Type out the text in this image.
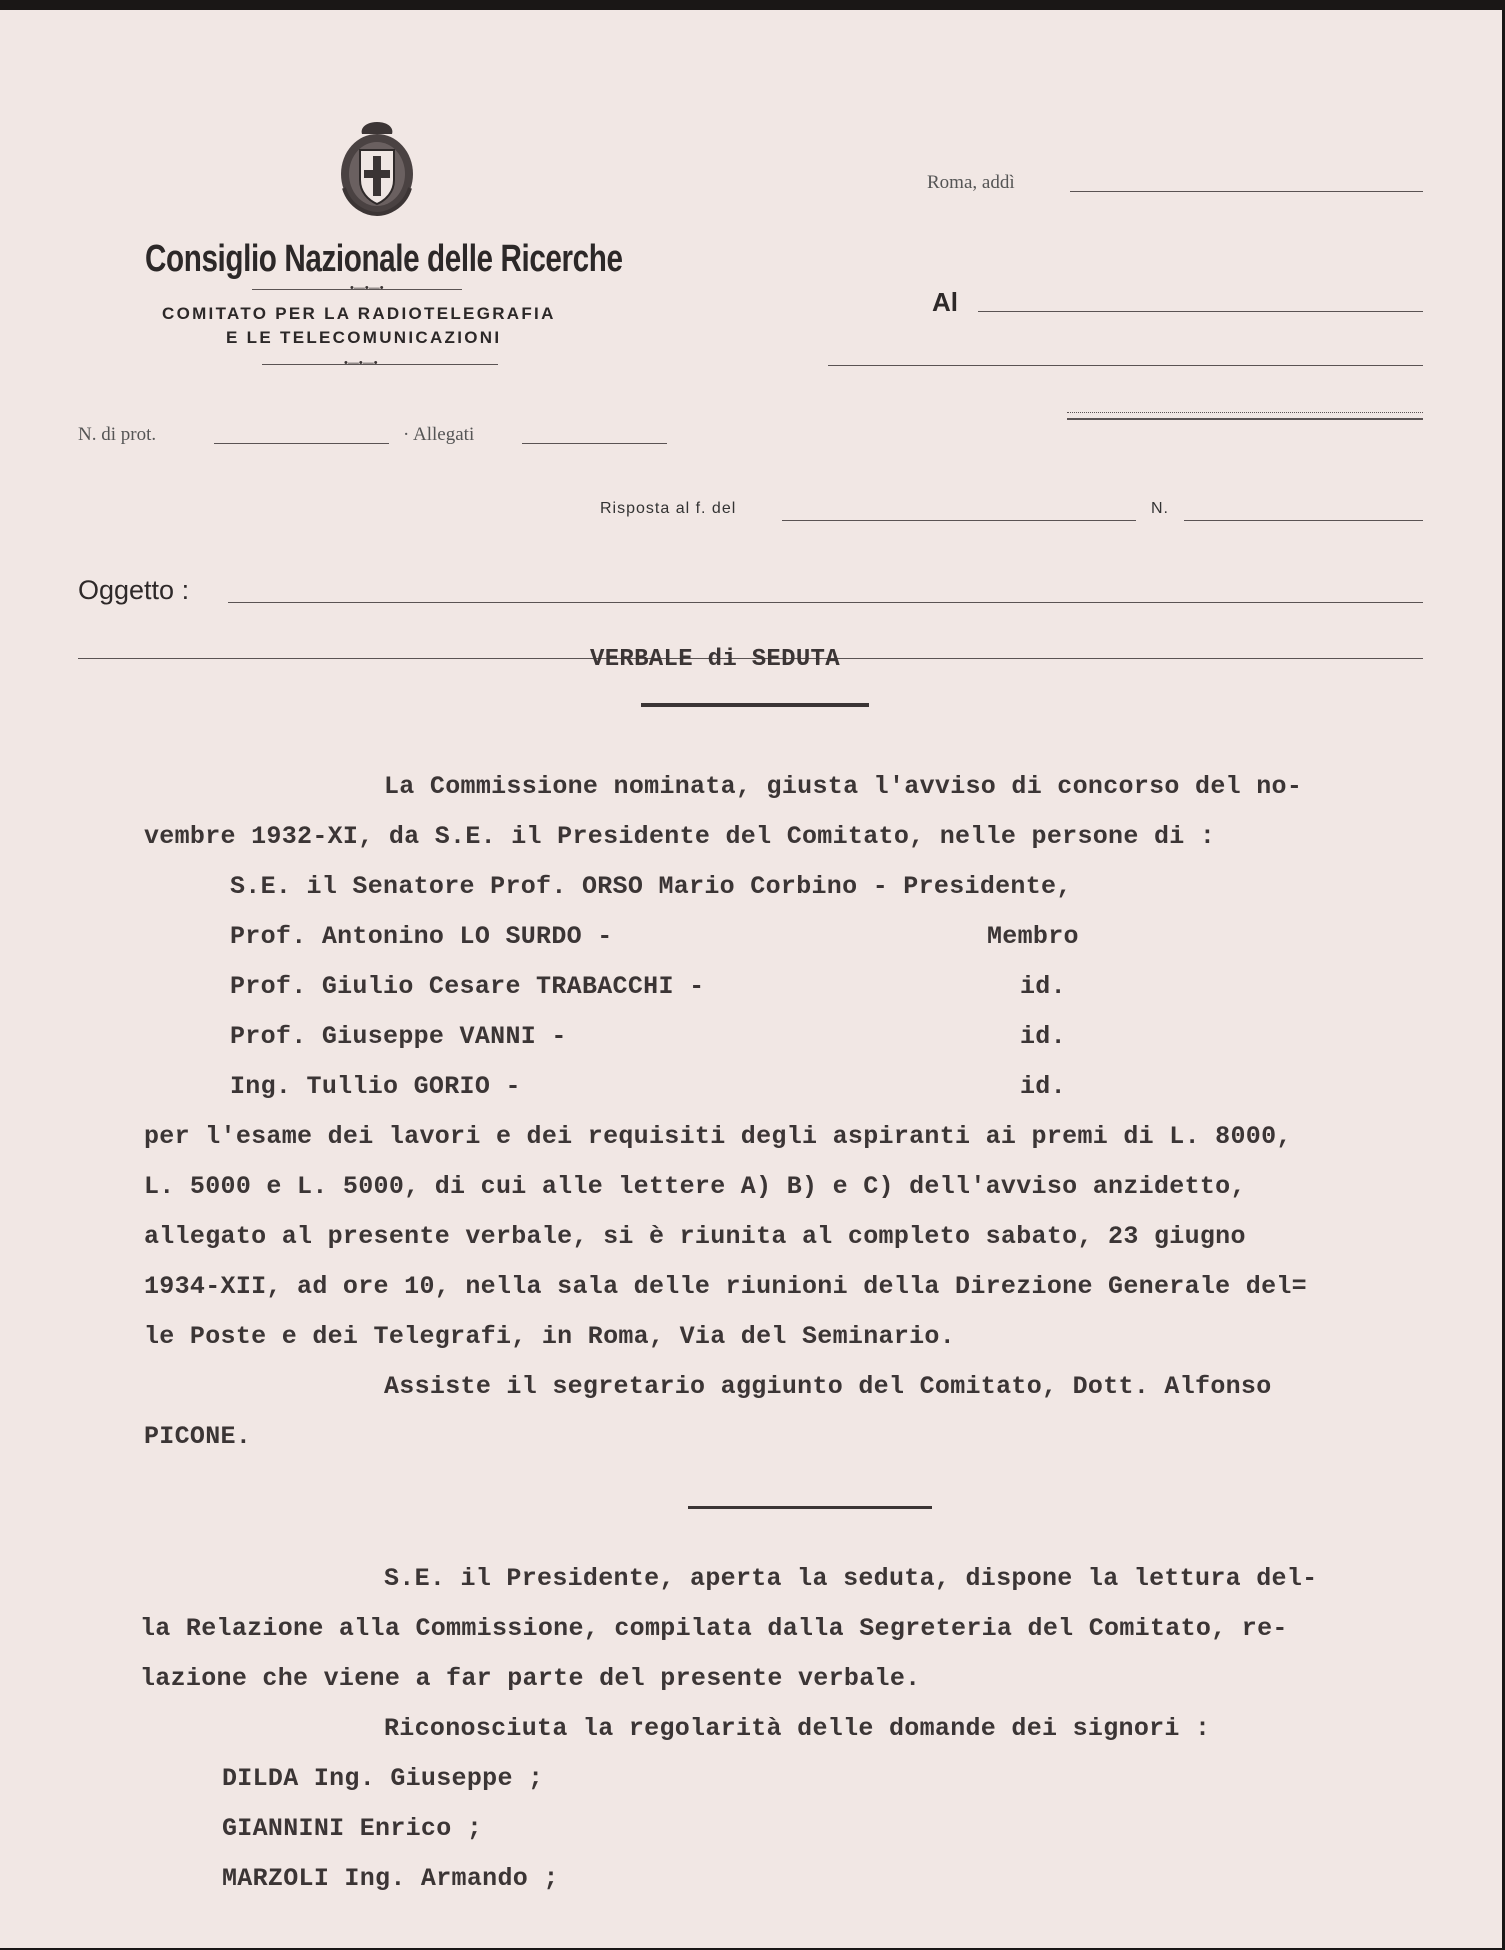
Consiglio Nazionale delle Ricerche
•—•—•
COMITATO PER LA RADIOTELEGRAFIA
E LE TELECOMUNICAZIONI
•—•—•
Roma, addì
Al
N. di prot.	· Allegati
Risposta al f. del	N.
Oggetto :
VERBALE di SEDUTA
La Commissione nominata, giusta l'avviso di concorso del no-
vembre 1932-XI, da S.E. il Presidente del Comitato, nelle persone di :
S.E. il Senatore Prof. ORSO Mario Corbino - Presidente,
Prof. Antonino LO SURDO -	Membro
Prof. Giulio Cesare TRABACCHI -	id.
Prof. Giuseppe VANNI -	id.
Ing. Tullio GORIO -	id.
per l'esame dei lavori e dei requisiti degli aspiranti ai premi di L. 8000,
L. 5000 e L. 5000, di cui alle lettere A) B) e C) dell'avviso anzidetto,
allegato al presente verbale, si è riunita al completo sabato, 23 giugno
1934-XII, ad ore 10, nella sala delle riunioni della Direzione Generale del=
le Poste e dei Telegrafi, in Roma, Via del Seminario.
Assiste il segretario aggiunto del Comitato, Dott. Alfonso
PICONE.
S.E. il Presidente, aperta la seduta, dispone la lettura del-
la Relazione alla Commissione, compilata dalla Segreteria del Comitato, re-
lazione che viene a far parte del presente verbale.
Riconosciuta la regolarità delle domande dei signori :
DILDA Ing. Giuseppe ;
GIANNINI Enrico ;
MARZOLI Ing. Armando ;
